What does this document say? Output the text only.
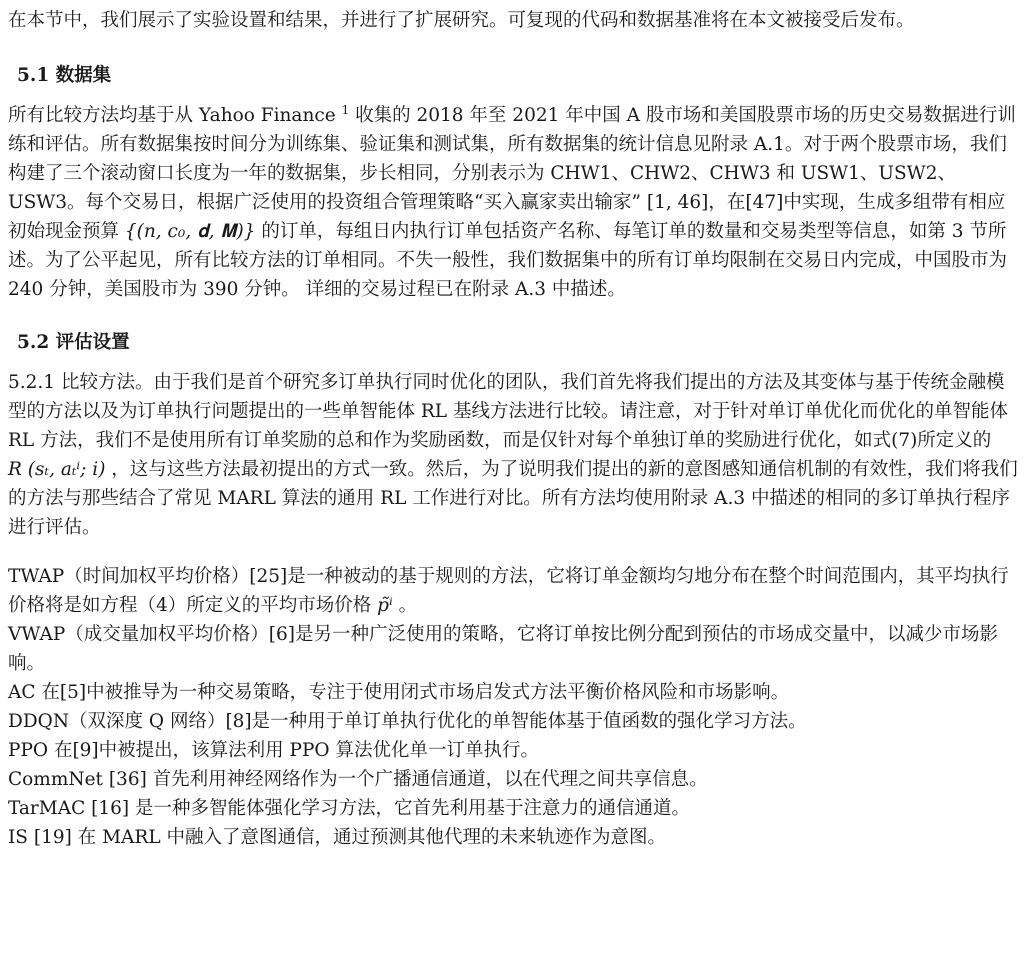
在本节中，我们展示了实验设置和结果，并进行了扩展研究。可复现的代码和数据基准将在本文被接受后发布。

5.1 数据集

所有比较方法均基于从 Yahoo Finance $^1$ 收集的 2018 年至 2021 年中国 A 股市场和美国股票市场的历史交易数据进行训练和评估。所有数据集按时间分为训练集、验证集和测试集，所有数据集的统计信息见附录 A.1。对于两个股票市场，我们构建了三个滚动窗口长度为一年的数据集，步长相同，分别表示为 CHW1、CHW2、CHW3 和 USW1、USW2、USW3。每个交易日，根据广泛使用的投资组合管理策略“买入赢家卖出输家” [1, 46]，在[47]中实现，生成多组带有相应初始现金预算 {(n, c₀, 𝐝, 𝐌)} 的订单，每组日内执行订单包括资产名称、每笔订单的数量和交易类型等信息，如第 3 节所述。为了公平起见，所有比较方法的订单相同。不失一般性，我们数据集中的所有订单均限制在交易日内完成，中国股市为 240 分钟，美国股市为 390 分钟。 详细的交易过程已在附录 A.3 中描述。

5.2 评估设置

5.2.1 比较方法。由于我们是首个研究多订单执行同时优化的团队，我们首先将我们提出的方法及其变体与基于传统金融模型的方法以及为订单执行问题提出的一些单智能体 RL 基线方法进行比较。请注意，对于针对单订单优化而优化的单智能体 RL 方法，我们不是使用所有订单奖励的总和作为奖励函数，而是仅针对每个单独订单的奖励进行优化，如式(7)所定义的 R (sₜ, aₜⁱ; i) ，这与这些方法最初提出的方式一致。然后，为了说明我们提出的新的意图感知通信机制的有效性，我们将我们的方法与那些结合了常见 MARL 算法的通用 RL 工作进行对比。所有方法均使用附录 A.3 中描述的相同的多订单执行程序进行评估。

TWAP（时间加权平均价格）[25]是一种被动的基于规则的方法，它将订单金额均匀地分布在整个时间范围内，其平均执行价格将是如方程（4）所定义的平均市场价格 p̃ⁱ 。
VWAP（成交量加权平均价格）[6]是另一种广泛使用的策略，它将订单按比例分配到预估的市场成交量中，以减少市场影响。
AC 在[5]中被推导为一种交易策略，专注于使用闭式市场启发式方法平衡价格风险和市场影响。
DDQN（双深度 Q 网络）[8]是一种用于单订单执行优化的单智能体基于值函数的强化学习方法。
PPO 在[9]中被提出，该算法利用 PPO 算法优化单一订单执行。
CommNet [36] 首先利用神经网络作为一个广播通信通道，以在代理之间共享信息。
TarMAC [16] 是一种多智能体强化学习方法，它首先利用基于注意力的通信通道。
IS [19] 在 MARL 中融入了意图通信，通过预测其他代理的未来轨迹作为意图。
